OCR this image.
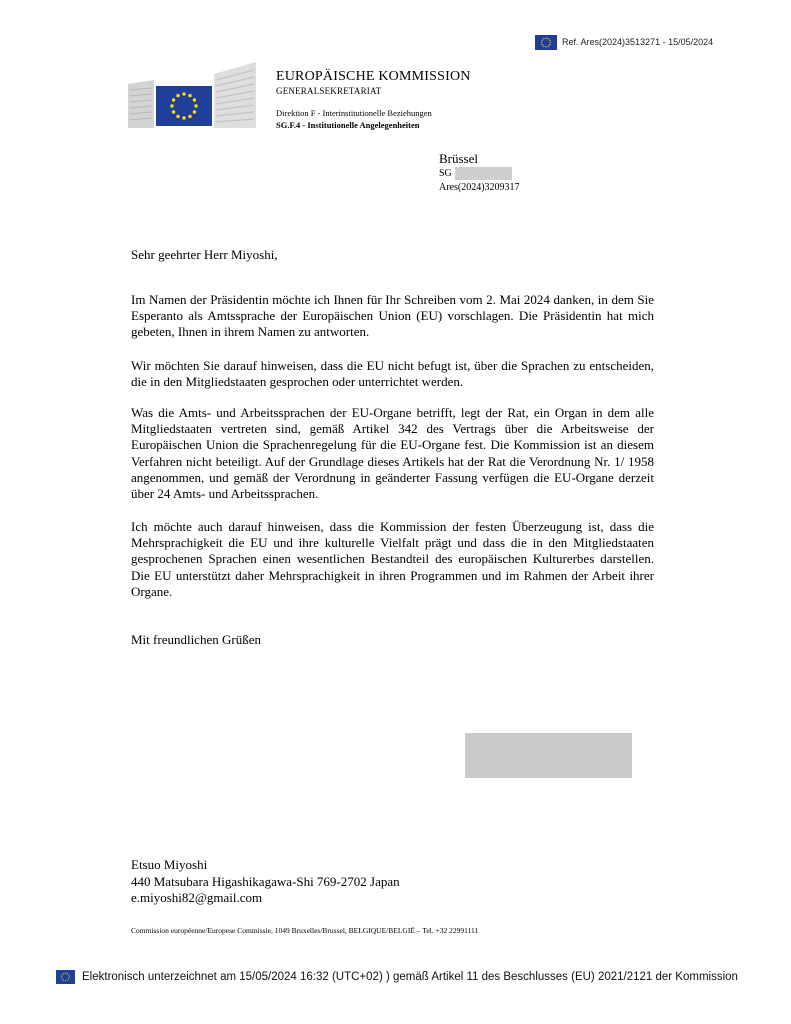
Ref. Ares(2024)3513271 - 15/05/2024
EUROPÄISCHE KOMMISSION
GENERALSEKRETARIAT
Direktion F - Interinstitutionelle Beziehungen
SG.F.4 - Institutionelle Angelegenheiten
Brüssel
SG
Ares(2024)3209317
Sehr geehrter Herr Miyoshi,

Im Namen der Präsidentin möchte ich Ihnen für Ihr Schreiben vom 2. Mai 2024 danken, in dem Sie Esperanto als Amtssprache der Europäischen Union (EU) vorschlagen. Die Präsidentin hat mich gebeten, Ihnen in ihrem Namen zu antworten.

Wir möchten Sie darauf hinweisen, dass die EU nicht befugt ist, über die Sprachen zu entscheiden, die in den Mitgliedstaaten gesprochen oder unterrichtet werden.

Was die Amts- und Arbeitssprachen der EU-Organe betrifft, legt der Rat, ein Organ in dem alle Mitgliedstaaten vertreten sind, gemäß Artikel 342 des Vertrags über die Arbeitsweise der Europäischen Union die Sprachenregelung für die EU-Organe fest. Die Kommission ist an diesem Verfahren nicht beteiligt. Auf der Grundlage dieses Artikels hat der Rat die Verordnung Nr. 1/ 1958 angenommen, und gemäß der Verordnung in geänderter Fassung verfügen die EU-Organe derzeit über 24 Amts- und Arbeitssprachen.

Ich möchte auch darauf hinweisen, dass die Kommission der festen Überzeugung ist, dass die Mehrsprachigkeit die EU und ihre kulturelle Vielfalt prägt und dass die in den Mitgliedstaaten gesprochenen Sprachen einen wesentlichen Bestandteil des europäischen Kulturerbes darstellen. Die EU unterstützt daher Mehrsprachigkeit in ihren Programmen und im Rahmen der Arbeit ihrer Organe.

Mit freundlichen Grüßen
Etsuo Miyoshi
440 Matsubara Higashikagawa-Shi 769-2702 Japan
e.miyoshi82@gmail.com
Commission européenne/Europese Commissie, 1049 Bruxelles/Brussel, BELGIQUE/BELGIË – Tel. +32 22991111
Elektronisch unterzeichnet am 15/05/2024 16:32 (UTC+02) ) gemäß Artikel 11 des Beschlusses (EU) 2021/2121 der Kommission
